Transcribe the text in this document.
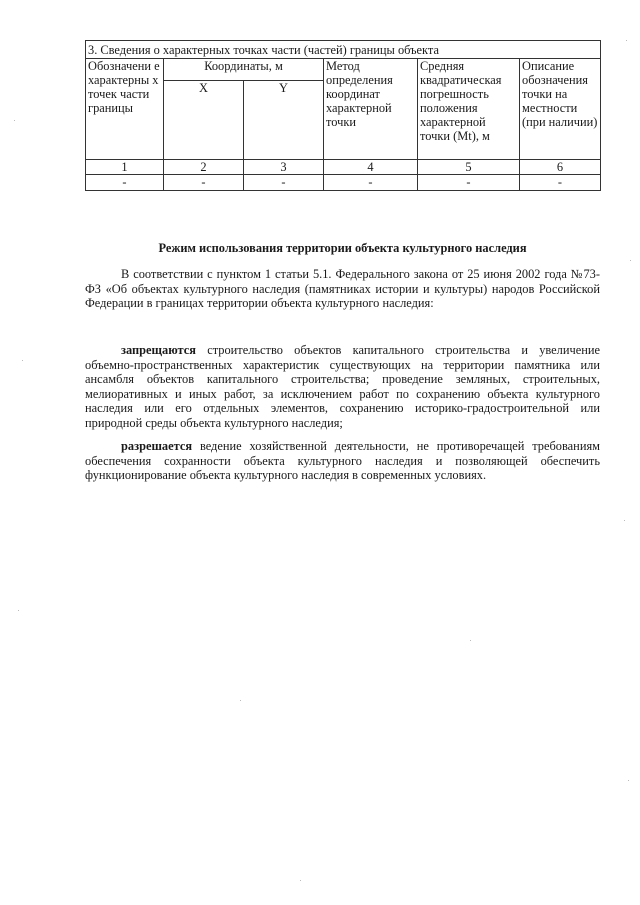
3. Сведения о характерных точках части (частей) границы объекта					
Обозначени е характерны х точек части границы	Координаты, м		Метод определения координат характерной точки	Средняя квадратическая погрешность положения характерной точки (Mt), м	Описание обозначения точки на местности (при наличии)
	X	Y			
1	2	3	4	5	6
-	-	-	-	-	-
Режим использования территории объекта культурного наследия
В соответствии с пунктом 1 статьи 5.1. Федерального закона от 25 июня 2002 года №73-ФЗ «Об объектах культурного наследия (памятниках истории и культуры) народов Российской Федерации в границах территории объекта культурного наследия:
запрещаются строительство объектов капитального строительства и увеличение объемно-пространственных характеристик существующих на территории памятника или ансамбля объектов капитального строительства; проведение земляных, строительных, мелиоративных и иных работ, за исключением работ по сохранению объекта культурного наследия или его отдельных элементов, сохранению историко-градостроительной или природной среды объекта культурного наследия;
разрешается ведение хозяйственной деятельности, не противоречащей требованиям обеспечения сохранности объекта культурного наследия и позволяющей обеспечить функционирование объекта культурного наследия в современных условиях.
